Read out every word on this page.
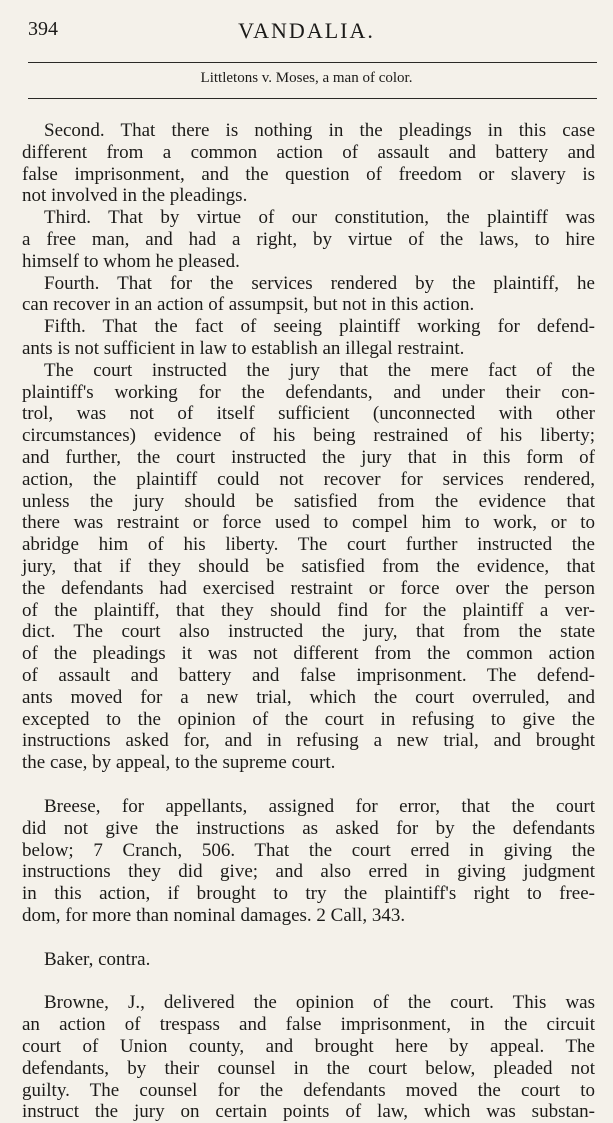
394	VANDALIA.
Littletons v. Moses, a man of color.
Second. That there is nothing in the pleadings in this case
different from a common action of assault and battery and
false imprisonment, and the question of freedom or slavery is
not involved in the pleadings.
Third. That by virtue of our constitution, the plaintiff was
a free man, and had a right, by virtue of the laws, to hire
himself to whom he pleased.
Fourth. That for the services rendered by the plaintiff, he
can recover in an action of assumpsit, but not in this action.
Fifth. That the fact of seeing plaintiff working for defend-
ants is not sufficient in law to establish an illegal restraint.
The court instructed the jury that the mere fact of the
plaintiff's working for the defendants, and under their con-
trol, was not of itself sufficient (unconnected with other
circumstances) evidence of his being restrained of his liberty;
and further, the court instructed the jury that in this form of
action, the plaintiff could not recover for services rendered,
unless the jury should be satisfied from the evidence that
there was restraint or force used to compel him to work, or to
abridge him of his liberty. The court further instructed the
jury, that if they should be satisfied from the evidence, that
the defendants had exercised restraint or force over the person
of the plaintiff, that they should find for the plaintiff a ver-
dict. The court also instructed the jury, that from the state
of the pleadings it was not different from the common action
of assault and battery and false imprisonment. The defend-
ants moved for a new trial, which the court overruled, and
excepted to the opinion of the court in refusing to give the
instructions asked for, and in refusing a new trial, and brought
the case, by appeal, to the supreme court.
Breese, for appellants, assigned for error, that the court
did not give the instructions as asked for by the defendants
below; 7 Cranch, 506. That the court erred in giving the
instructions they did give; and also erred in giving judgment
in this action, if brought to try the plaintiff's right to free-
dom, for more than nominal damages. 2 Call, 343.
Baker, contra.
Browne, J., delivered the opinion of the court. This was
an action of trespass and false imprisonment, in the circuit
court of Union county, and brought here by appeal. The
defendants, by their counsel in the court below, pleaded not
guilty. The counsel for the defendants moved the court to
instruct the jury on certain points of law, which was substan-
